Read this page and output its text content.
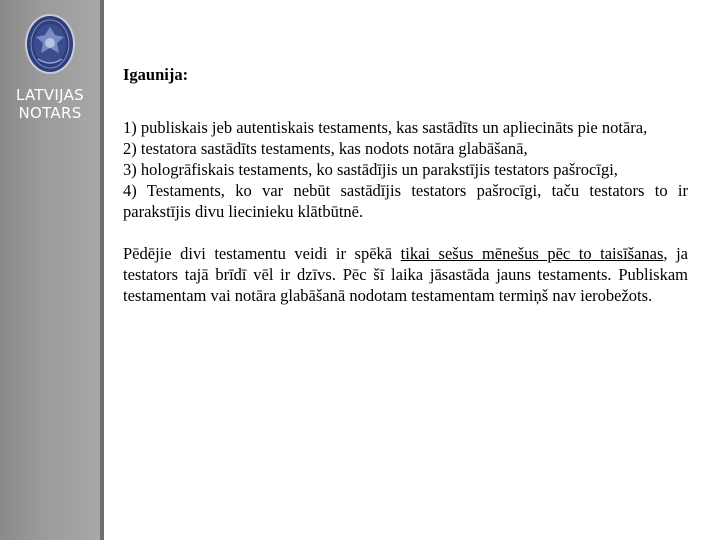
LATVIJAS
NOTARS

Igaunija:

1) publiskais jeb autentiskais testaments, kas sastādīts un apliecināts pie notāra,

2) testatora sastādīts testaments, kas nodots notāra glabāšanā,

3) hologrāfiskais testaments, ko sastādījis un parakstījis testators pašrocīgi,

4) Testaments, ko var nebūt sastādījis testators pašrocīgi, taču testators to ir parakstījis divu liecinieku klātbūtnē.

Pēdējie divi testamentu veidi ir spēkā tikai sešus mēnešus pēc to taisīšanas, ja testators tajā brīdī vēl ir dzīvs. Pēc šī laika jāsastāda jauns testaments. Publiskam testamentam vai notāra glabāšanā nodotam testamentam termiņš nav ierobežots.
